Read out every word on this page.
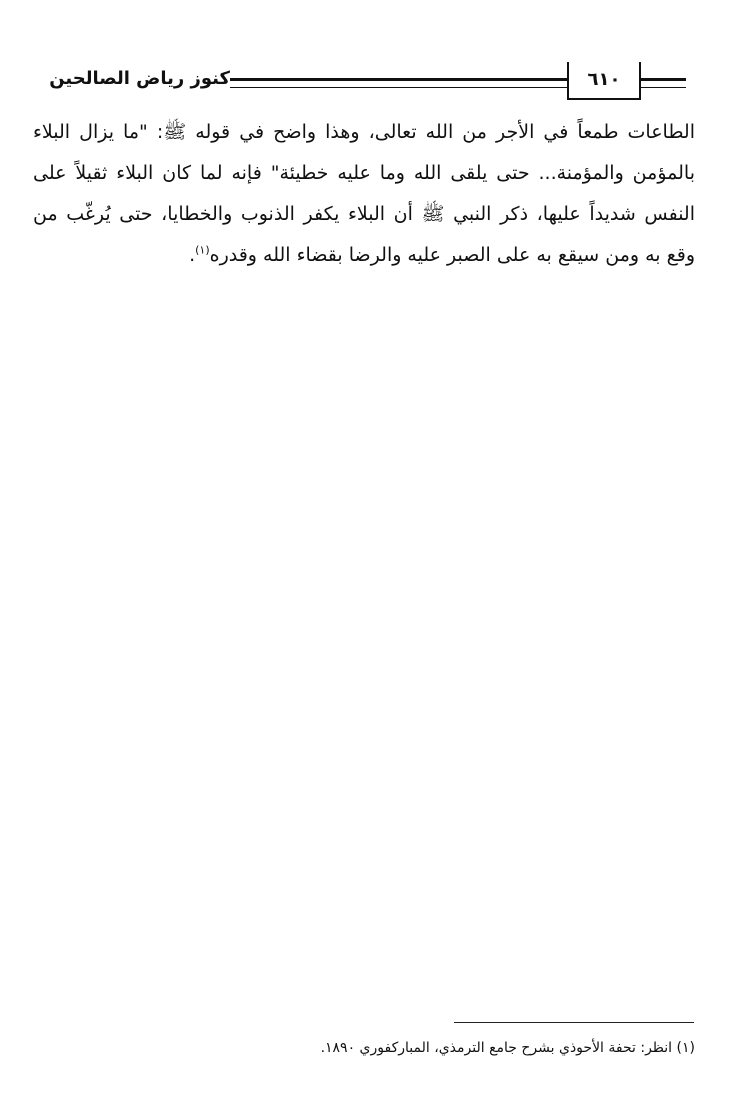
٦١٠
كنوز رياض الصالحين

الطاعات طمعاً في الأجر من الله تعالى، وهذا واضح في قوله ﷺ: "ما يزال البلاء بالمؤمن والمؤمنة... حتى يلقى الله وما عليه خطيئة" فإنه لما كان البلاء ثقيلاً على النفس شديداً عليها، ذكر النبي ﷺ أن البلاء يكفر الذنوب والخطايا، حتى يُرغّب من وقع به ومن سيقع به على الصبر عليه والرضا بقضاء الله وقدره$^{(١)}$.

(١) انظر: تحفة الأحوذي بشرح جامع الترمذي، المباركفوري ١٨٩٠.
